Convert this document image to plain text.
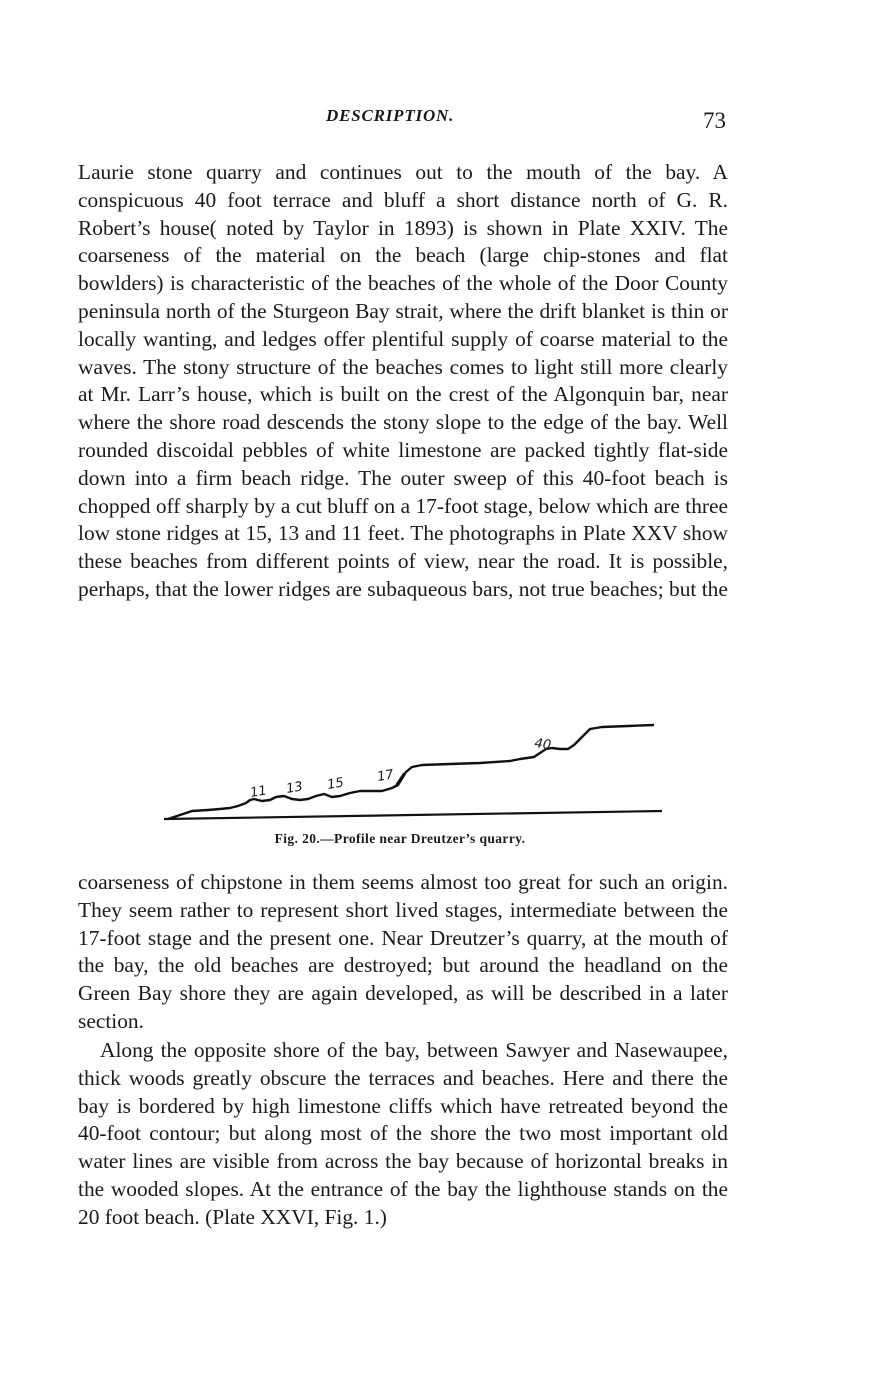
DESCRIPTION.	73

Laurie stone quarry and continues out to the mouth of the bay. A conspicuous 40 foot terrace and bluff a short distance north of G. R. Robert’s house( noted by Taylor in 1893) is shown in Plate XXIV. The coarseness of the material on the beach (large chip-stones and flat bowlders) is characteristic of the beaches of the whole of the Door County peninsula north of the Sturgeon Bay strait, where the drift blanket is thin or locally wanting, and ledges offer plentiful supply of coarse material to the waves. The stony structure of the beaches comes to light still more clearly at Mr. Larr’s house, which is built on the crest of the Algonquin bar, near where the shore road descends the stony slope to the edge of the bay. Well rounded discoidal pebbles of white limestone are packed tightly flat-side down into a firm beach ridge. The outer sweep of this 40-foot beach is chopped off sharply by a cut bluff on a 17-foot stage, below which are three low stone ridges at 15, 13 and 11 feet. The photographs in Plate XXV show these beaches from different points of view, near the road. It is possible, perhaps, that the lower ridges are subaqueous bars, not true beaches; but the

11 13 15 17
40
Fig. 20.—Profile near Dreutzer’s quarry.

coarseness of chipstone in them seems almost too great for such an origin. They seem rather to represent short lived stages, intermediate between the 17-foot stage and the present one. Near Dreutzer’s quarry, at the mouth of the bay, the old beaches are destroyed; but around the headland on the Green Bay shore they are again developed, as will be described in a later section.

Along the opposite shore of the bay, between Sawyer and Nasewaupee, thick woods greatly obscure the terraces and beaches. Here and there the bay is bordered by high limestone cliffs which have retreated beyond the 40-foot contour; but along most of the shore the two most important old water lines are visible from across the bay because of horizontal breaks in the wooded slopes. At the entrance of the bay the lighthouse stands on the 20 foot beach. (Plate XXVI, Fig. 1.)
